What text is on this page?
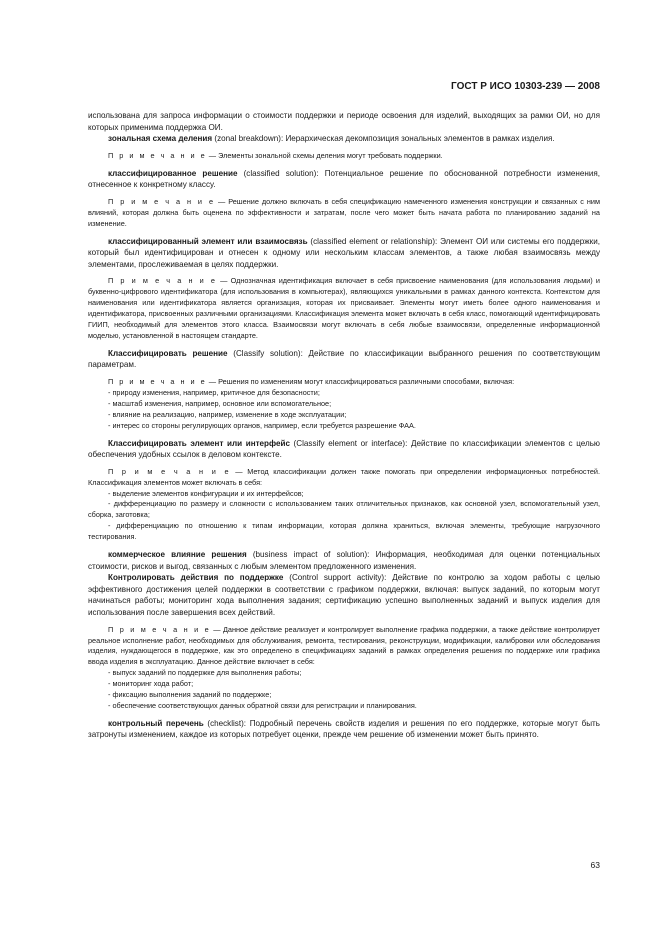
ГОСТ Р ИСО 10303-239 — 2008

использована для запроса информации о стоимости поддержки и периоде освоения для изделий, выходящих за рамки ОИ, но для которых применима поддержка ОИ.

зональная схема деления (zonal breakdown): Иерархическая декомпозиция зональных элементов в рамках изделия.

П р и м е ч а н и е — Элементы зональной схемы деления могут требовать поддержки.

классифицированное решение (classified solution): Потенциальное решение по обоснованной потребности изменения, отнесенное к конкретному классу.

П р и м е ч а н и е — Решение должно включать в себя спецификацию намеченного изменения конструкции и связанных с ним влияний, которая должна быть оценена по эффективности и затратам, после чего может быть начата работа по планированию заданий на изменение.

классифицированный элемент или взаимосвязь (classified element or relationship): Элемент ОИ или системы его поддержки, который был идентифицирован и отнесен к одному или нескольким классам элементов, а также любая взаимосвязь между элементами, прослеживаемая в целях поддержки.

П р и м е ч а н и е — Однозначная идентификация включает в себя присвоение наименования (для использования людьми) и буквенно-цифрового идентификатора (для использования в компьютерах), являющихся уникальными в рамках данного контекста. Контекстом для наименования или идентификатора является организация, которая их присваивает. Элементы могут иметь более одного наименования и идентификатора, присвоенных различными организациями. Классификация элемента может включать в себя класс, помогающий идентифицировать ГИИП, необходимый для элементов этого класса. Взаимосвязи могут включать в себя любые взаимосвязи, определенные информационной моделью, установленной в настоящем стандарте.

Классифицировать решение (Classify solution): Действие по классификации выбранного решения по соответствующим параметрам.

П р и м е ч а н и е — Решения по изменениям могут классифицироваться различными способами, включая:

- природу изменения, например, критичное для безопасности;

- масштаб изменения, например, основное или вспомогательное;

- влияние на реализацию, например, изменение в ходе эксплуатации;

- интерес со стороны регулирующих органов, например, если требуется разрешение ФАА.

Классифицировать элемент или интерфейс (Classify element or interface): Действие по классификации элементов с целью обеспечения удобных ссылок в деловом контексте.

П р и м е ч а н и е — Метод классификации должен также помогать при определении информационных потребностей. Классификация элементов может включать в себя:

- выделение элементов конфигурации и их интерфейсов;

- дифференциацию по размеру и сложности с использованием таких отличительных признаков, как основной узел, вспомогательный узел, сборка, заготовка;

- дифференциацию по отношению к типам информации, которая должна храниться, включая элементы, требующие нагрузочного тестирования.

коммерческое влияние решения (business impact of solution): Информация, необходимая для оценки потенциальных стоимости, рисков и выгод, связанных с любым элементом предложенного изменения.

Контролировать действия по поддержке (Control support activity): Действие по контролю за ходом работы с целью эффективного достижения целей поддержки в соответствии с графиком поддержки, включая: выпуск заданий, по которым могут начинаться работы; мониторинг хода выполнения задания; сертификацию успешно выполненных заданий и выпуск изделия для использования после завершения всех действий.

П р и м е ч а н и е — Данное действие реализует и контролирует выполнение графика поддержки, а также действие контролирует реальное исполнение работ, необходимых для обслуживания, ремонта, тестирования, реконструкции, модификации, калибровки или обследования изделия, нуждающегося в поддержке, как это определено в спецификациях заданий в рамках определения решения по поддержке или графика ввода изделия в эксплуатацию. Данное действие включает в себя:

- выпуск заданий по поддержке для выполнения работы;

- мониторинг хода работ;

- фиксацию выполнения заданий по поддержке;

- обеспечение соответствующих данных обратной связи для регистрации и планирования.

контрольный перечень (checklist): Подробный перечень свойств изделия и решения по его поддержке, которые могут быть затронуты изменением, каждое из которых потребует оценки, прежде чем решение об изменении может быть принято.

63
